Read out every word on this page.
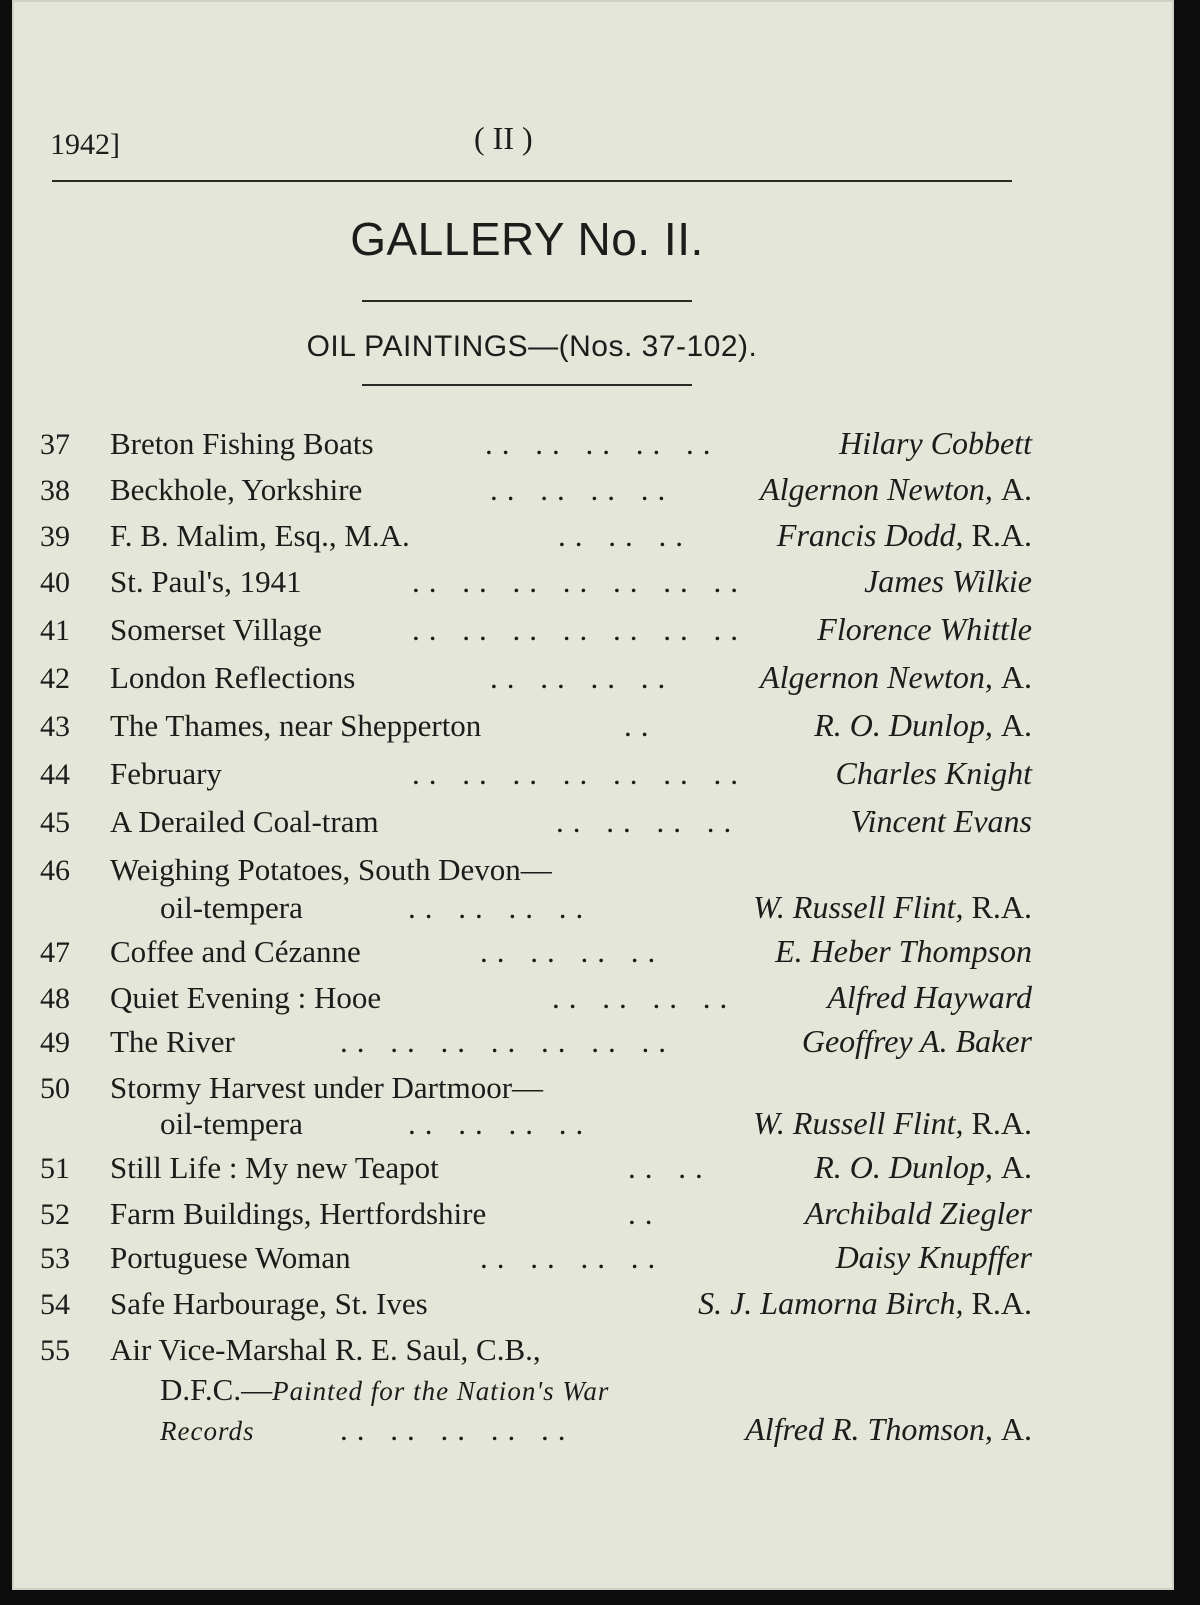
1942]	( II )
GALLERY No. II.
OIL PAINTINGS—(Nos. 37-102).
37 Breton Fishing Boats	.. .. .. .. ..	Hilary Cobbett
38 Beckhole, Yorkshire	.. .. .. ..	Algernon Newton, A.
39 F. B. Malim, Esq., M.A.	.. .. ..	Francis Dodd, R.A.
40 St. Paul's, 1941	.. .. .. .. .. .. ..	James Wilkie
41 Somerset Village	.. .. .. .. .. .. .. Florence Whittle
42 London Reflections	.. .. .. ..	Algernon Newton, A.
43 The Thames, near Shepperton	..	R. O. Dunlop, A.
44 February	.. .. .. .. .. .. ..	Charles Knight
45 A Derailed Coal-tram	.. .. .. ..	Vincent Evans
46 Weighing Potatoes, South Devon—
oil-tempera	.. .. .. ..	W. Russell Flint, R.A.
47 Coffee and Cézanne	.. .. .. ..	E. Heber Thompson
48 Quiet Evening : Hooe	.. .. .. ..	Alfred Hayward
49 The River	.. .. .. .. .. .. ..	Geoffrey A. Baker
50 Stormy Harvest under Dartmoor—
oil-tempera	.. .. .. ..	W. Russell Flint, R.A.
51 Still Life : My new Teapot	.. ..	R. O. Dunlop, A.
52 Farm Buildings, Hertfordshire	..	Archibald Ziegler
53 Portuguese Woman	.. .. .. ..	Daisy Knupffer
54 Safe Harbourage, St. Ives	S. J. Lamorna Birch, R.A.
55 Air Vice-Marshal R. E. Saul, C.B.,
D.F.C.—Painted for the Nation's War
Records	.. .. .. .. ..	Alfred R. Thomson, A.
